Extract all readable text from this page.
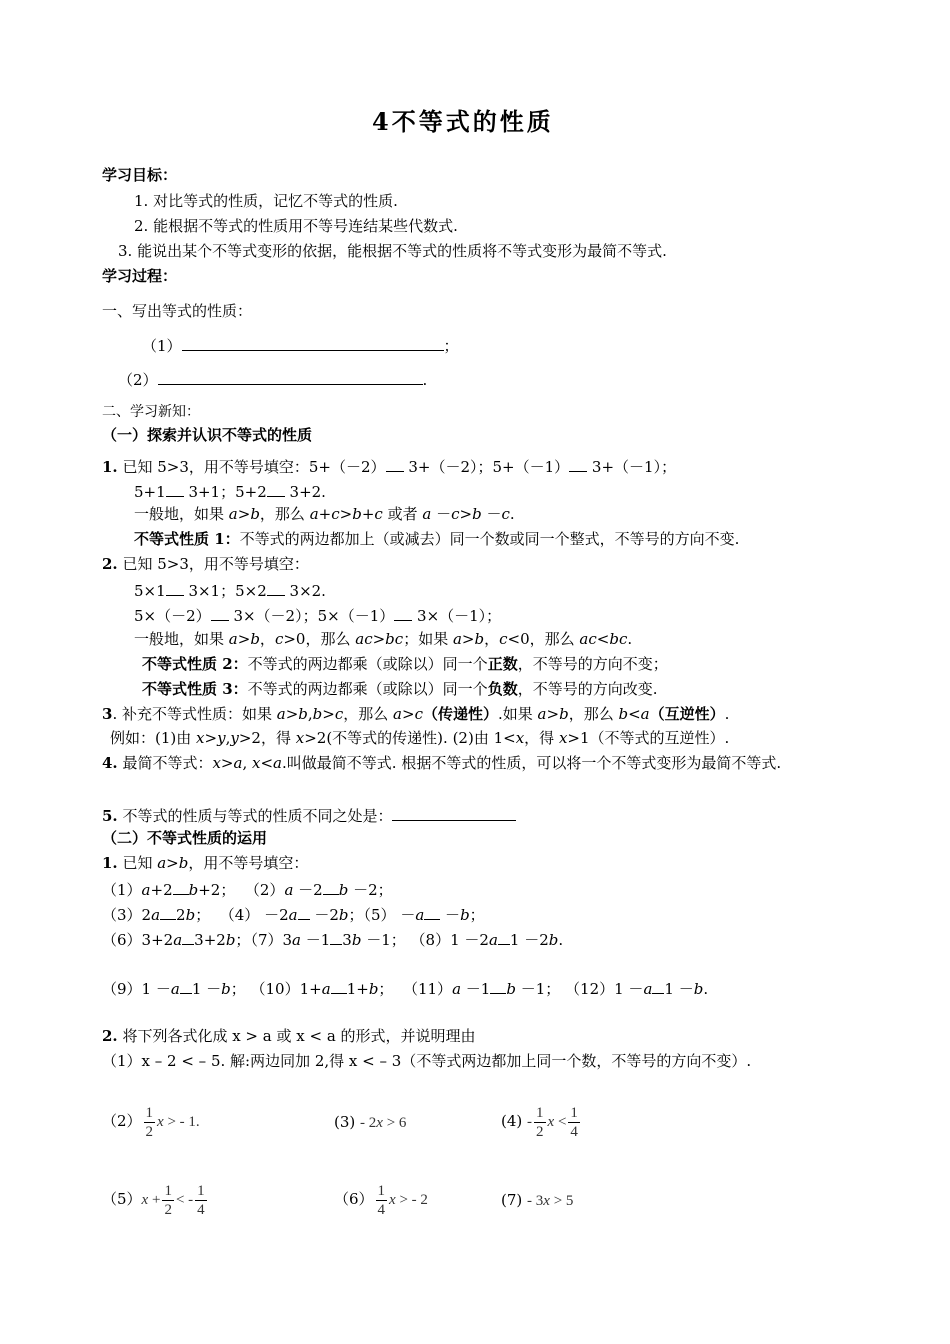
4不等式的性质
学习目标：
1. 对比等式的性质，记忆不等式的性质.
2. 能根据不等式的性质用不等号连结某些代数式.
3. 能说出某个不等式变形的依据，能根据不等式的性质将不等式变形为最简不等式.
学习过程：
一、写出等式的性质：
（1）	；
（2）	.
二、学习新知：
（一）探索并认识不等式的性质
1. 已知 5>3，用不等号填空：5+（－2） 3+（－2）；5+（－1） 3+（－1）；
5+1 3+1；5+2 3+2.
一般地，如果 a>b，那么 a+c>b+c 或者 a －c>b －c.
不等式性质 1：不等式的两边都加上（或减去）同一个数或同一个整式，不等号的方向不变.
2. 已知 5>3，用不等号填空：
5×1 3×1；5×2 3×2.
5×（－2） 3×（－2）；5×（－1） 3×（－1）；
一般地，如果 a>b，c>0，那么 ac>bc；如果 a>b，c<0，那么 ac<bc.
不等式性质 2：不等式的两边都乘（或除以）同一个正数，不等号的方向不变；
不等式性质 3：不等式的两边都乘（或除以）同一个负数，不等号的方向改变.
3. 补充不等式性质：如果 a>b,b>c，那么 a>c（传递性）.如果 a>b，那么 b<a（互逆性）.
例如：(1)由 x>y,y>2，得 x>2(不等式的传递性). (2)由 1<x，得 x>1（不等式的互逆性）.
4. 最简不等式：x>a, x<a.叫做最简不等式. 根据不等式的性质，可以将一个不等式变形为最简不等式.
5. 不等式的性质与等式的性质不同之处是：
（二）不等式性质的运用
1. 已知 a>b，用不等号填空：
（1）a+2 b+2；  （2）a －2 b －2；
（3）2a 2b；  （4） －2a －2b；（5） －a －b；
（6）3+2a 3+2b；（7）3a －1 3b －1； （8）1 －2a 1 －2b.
（9）1 －a 1 －b； （10）1+a 1+b；  （11）a －1 b －1； （12）1 －a 1 －b.
2. 将下列各式化成 x > a 或 x < a 的形式，并说明理由
（1）x – 2 < – 5. 解:两边同加 2,得 x < – 3（不等式两边都加上同一个数，不等号的方向不变）.
$(2) \frac{1}{2}$ x > - 1.	(3) - 2x > 6	$(4) - \frac{1}{2}$ $x < \frac{1}{4}$
$(5)x + \frac{1}{2}$ < - $\frac{1}{4}$	$(6) \frac{1}{4}$ x > - 2	(7) - 3x > 5
